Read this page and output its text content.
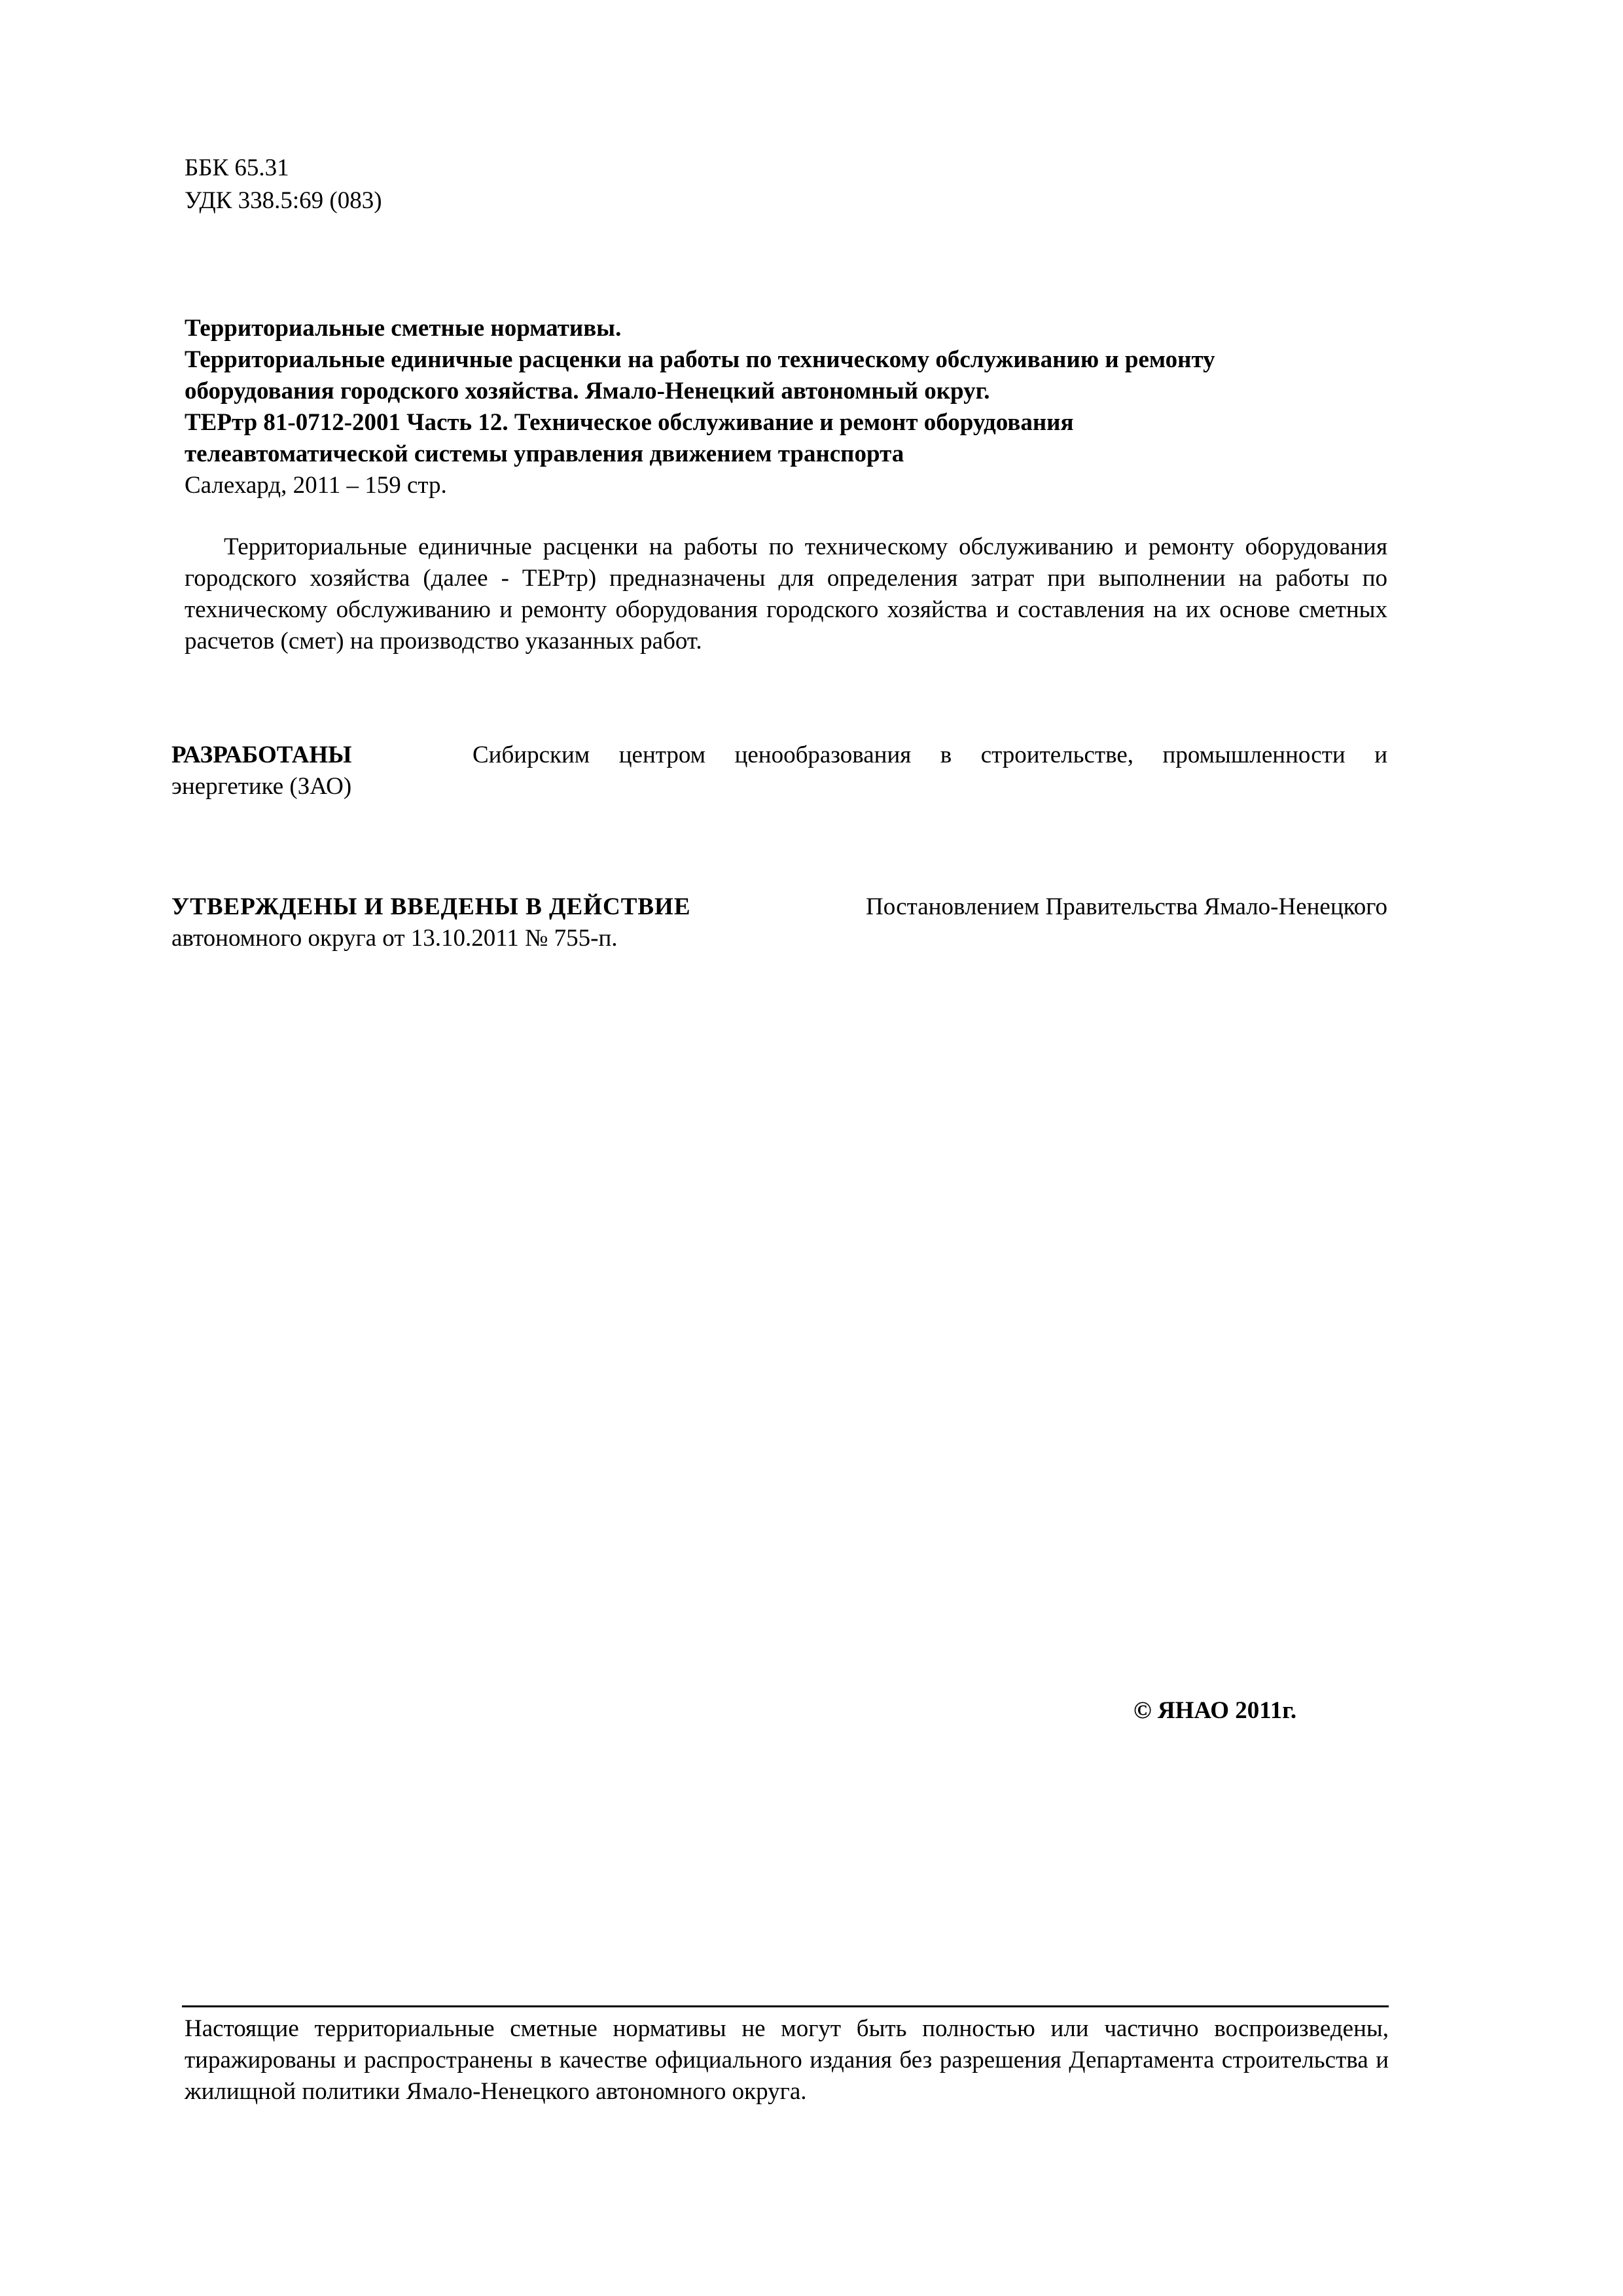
ББК 65.31
УДК 338.5:69 (083)
Территориальные сметные нормативы.
Территориальные единичные расценки на работы по техническому обслуживанию и ремонту
оборудования городского хозяйства. Ямало-Ненецкий автономный округ.
ТЕРтр 81-0712-2001 Часть 12. Техническое обслуживание и ремонт оборудования
телеавтоматической системы управления движением транспорта
Салехард, 2011 – 159 стр.
Территориальные единичные расценки на работы по техническому обслуживанию и ремонту оборудования городского хозяйства (далее - ТЕРтр) предназначены для определения затрат при выполнении на работы по техническому обслуживанию и ремонту оборудования городского хозяйства и составления на их основе сметных расчетов (смет) на производство указанных работ.
РАЗРАБОТАНЫ	Сибирским центром ценообразования в строительстве, промышленности и
энергетике (ЗАО)
УТВЕРЖДЕНЫ И ВВЕДЕНЫ В ДЕЙСТВИЕ	Постановлением Правительства Ямало-Ненецкого
автономного округа от 13.10.2011 № 755-п.
© ЯНАО 2011г.
Настоящие территориальные сметные нормативы не могут быть полностью или частично воспроизведены, тиражированы и распространены в качестве официального издания без разрешения Департамента строительства и жилищной политики Ямало-Ненецкого автономного округа.
